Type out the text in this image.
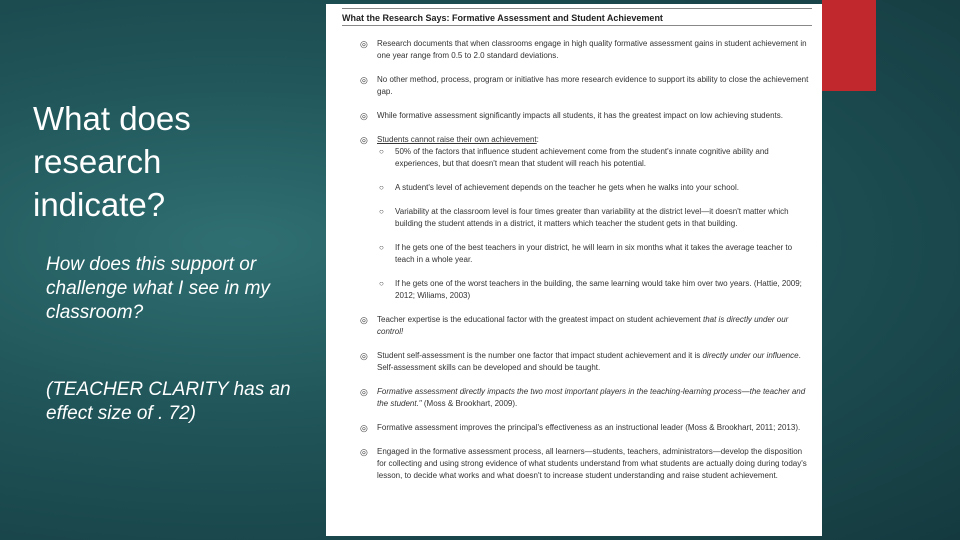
What does research indicate?
How does this support or challenge what I see in my classroom?
(TEACHER CLARITY has an effect size of . 72)
What the Research Says: Formative Assessment and Student Achievement
◎ Research documents that when classrooms engage in high quality formative assessment gains in student achievement in one year range from 0.5 to 2.0 standard deviations.
◎ No other method, process, program or initiative has more research evidence to support its ability to close the achievement gap.
◎ While formative assessment significantly impacts all students, it has the greatest impact on low achieving students.
◎ Students cannot raise their own achievement:
○ 50% of the factors that influence student achievement come from the student's innate cognitive ability and experiences, but that doesn't mean that student will reach his potential.
○ A student's level of achievement depends on the teacher he gets when he walks into your school.
○ Variability at the classroom level is four times greater than variability at the district level—it doesn't matter which building the student attends in a district, it matters which teacher the student gets in that building.
○ If he gets one of the best teachers in your district, he will learn in six months what it takes the average teacher to teach in a whole year.
○ If he gets one of the worst teachers in the building, the same learning would take him over two years. (Hattie, 2009; 2012; Wiliams, 2003)
◎ Teacher expertise is the educational factor with the greatest impact on student achievement that is directly under our control!
◎ Student self-assessment is the number one factor that impact student achievement and it is directly under our influence. Self-assessment skills can be developed and should be taught.
◎ Formative assessment directly impacts the two most important players in the teaching-learning process—the teacher and the student." (Moss & Brookhart, 2009).
◎ Formative assessment improves the principal's effectiveness as an instructional leader (Moss & Brookhart, 2011; 2013).
◎ Engaged in the formative assessment process, all learners—students, teachers, administrators—develop the disposition for collecting and using strong evidence of what students understand from what students are actually doing during today's lesson, to decide what works and what doesn't to increase student understanding and raise student achievement.
